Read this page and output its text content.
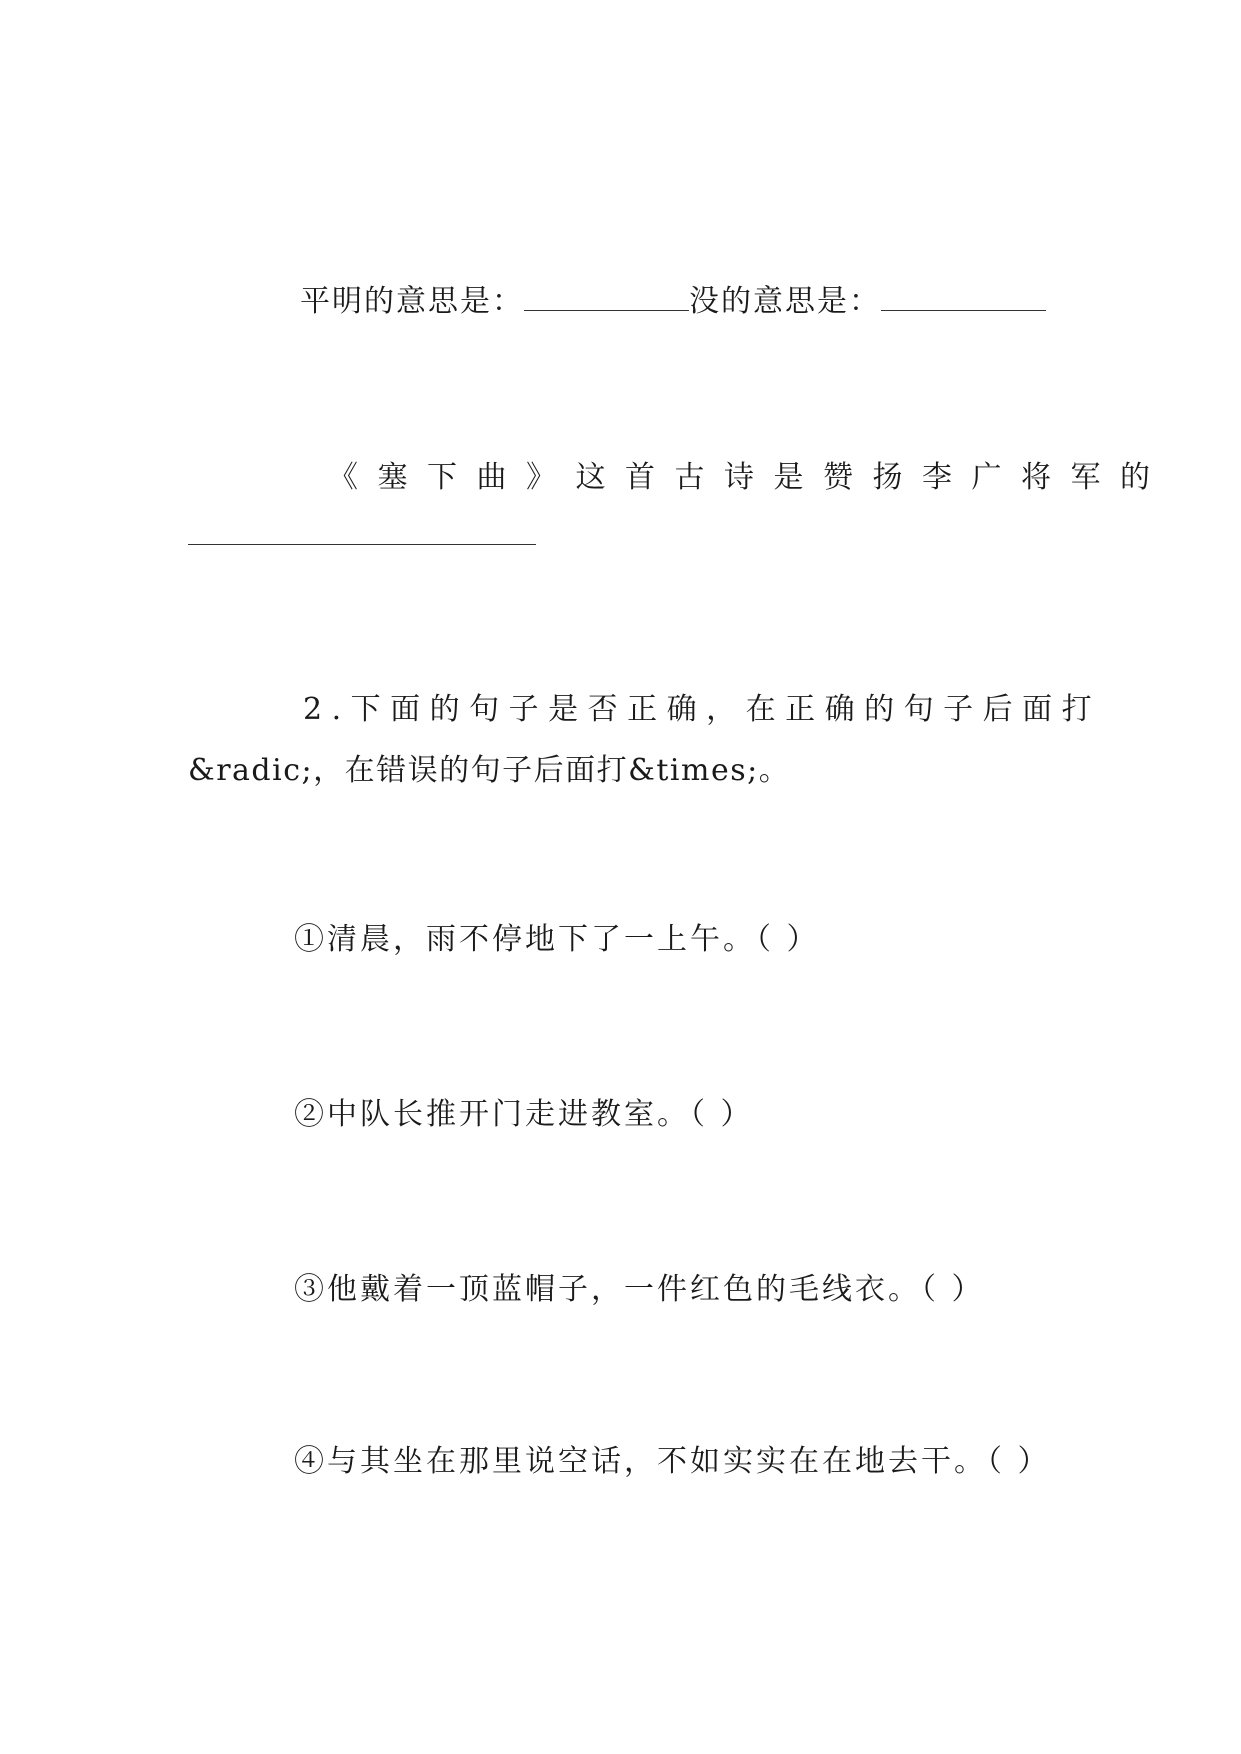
平明的意思是：	没的意思是：
《塞下曲》这首古诗是赞扬李广将军的
2.下面的句子是否正确，在正确的句子后面打
&radic;，在错误的句子后面打&times;。
①清晨，雨不停地下了一上午。（ ）
②中队长推开门走进教室。（ ）
③他戴着一顶蓝帽子，一件红色的毛线衣。（ ）
④与其坐在那里说空话，不如实实在在地去干。（ ）
